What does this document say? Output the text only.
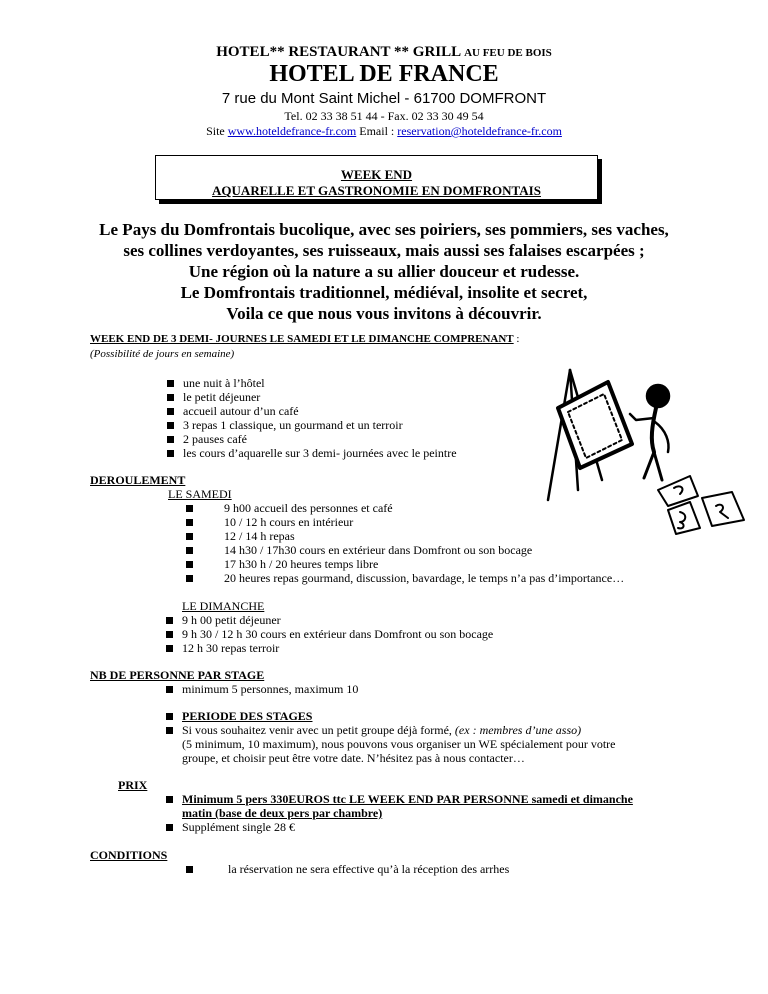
HOTEL** RESTAURANT ** GRILL AU FEU DE BOIS
HOTEL DE FRANCE
7 rue du Mont Saint Michel - 61700 DOMFRONT
Tel. 02 33 38 51 44 - Fax. 02 33 30 49 54
Site www.hoteldefrance-fr.com Email : reservation@hoteldefrance-fr.com
WEEK END
AQUARELLE ET GASTRONOMIE EN DOMFRONTAIS
Le Pays du Domfrontais bucolique, avec ses poiriers, ses pommiers, ses vaches,
ses collines verdoyantes, ses ruisseaux, mais aussi ses falaises escarpées ;
Une région où la nature a su allier douceur et rudesse.
Le Domfrontais traditionnel, médiéval, insolite et secret,
Voila ce que nous vous invitons à découvrir.
WEEK END DE 3 DEMI- JOURNES LE SAMEDI ET LE DIMANCHE COMPRENANT :
(Possibilité de jours en semaine)
une nuit à l’hôtel
le petit déjeuner
accueil autour d’un café
3 repas 1 classique, un gourmand et un terroir
2 pauses café
les cours d’aquarelle sur 3 demi- journées avec le peintre
DEROULEMENT
LE SAMEDI
9 h00 accueil des personnes et café
10 / 12 h cours en intérieur
12 / 14 h repas
14 h30 / 17h30 cours en extérieur dans Domfront ou son bocage
17 h30 h / 20 heures temps libre
20 heures repas gourmand, discussion, bavardage, le temps n’a pas d’importance…
LE DIMANCHE
9 h 00 petit déjeuner
9 h 30 / 12 h 30 cours en extérieur dans Domfront ou son bocage
12 h 30 repas terroir
NB DE PERSONNE PAR STAGE
minimum 5 personnes, maximum 10
PERIODE DES STAGES
Si vous souhaitez venir avec un petit groupe déjà formé, (ex : membres d’une asso)
(5 minimum, 10 maximum), nous pouvons vous organiser un WE spécialement pour votre
groupe, et choisir peut être votre date. N’hésitez pas à nous contacter…
PRIX
Minimum 5 pers 330EUROS ttc LE WEEK END PAR PERSONNE samedi et dimanche
matin (base de deux pers par chambre)
Supplément single 28 €
CONDITIONS
la réservation ne sera effective qu’à la réception des arrhes
